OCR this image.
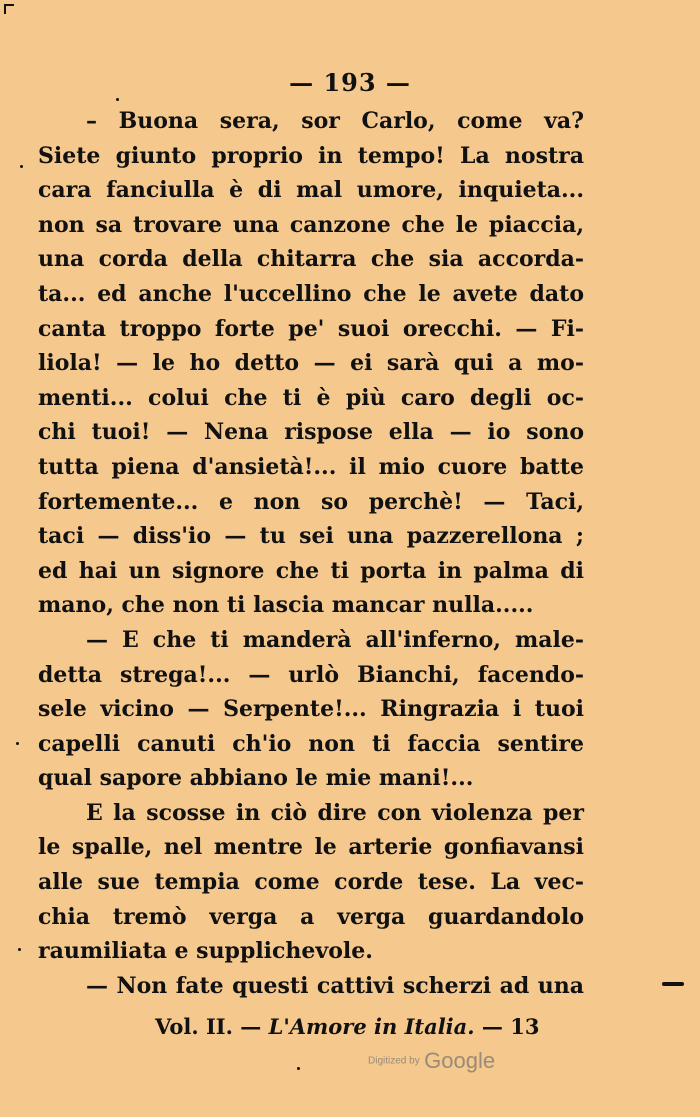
— 193 —
– Buona sera, sor Carlo, come va?
Siete giunto proprio in tempo! La nostra
cara fanciulla è di mal umore, inquieta...
non sa trovare una canzone che le piaccia,
una corda della chitarra che sia accorda-
ta... ed anche l'uccellino che le avete dato
canta troppo forte pe' suoi orecchi. — Fi-
liola! — le ho detto — ei sarà qui a mo-
menti... colui che ti è più caro degli oc-
chi tuoi! — Nena rispose ella — io sono
tutta piena d'ansietà!... il mio cuore batte
fortemente... e non so perchè! — Taci,
taci — diss'io — tu sei una pazzerellona ;
ed hai un signore che ti porta in palma di
mano, che non ti lascia mancar nulla.....
— E che ti manderà all'inferno, male-
detta strega!... — urlò Bianchi, facendo-
sele vicino — Serpente!... Ringrazia i tuoi
capelli canuti ch'io non ti faccia sentire
qual sapore abbiano le mie mani!...
E la scosse in ciò dire con violenza per
le spalle, nel mentre le arterie gonfiavansi
alle sue tempia come corde tese. La vec-
chia tremò verga a verga guardandolo
raumiliata e supplichevole.
— Non fate questi cattivi scherzi ad una
Vol. II. — L'Amore in Italia. — 13
Digitized by Google
